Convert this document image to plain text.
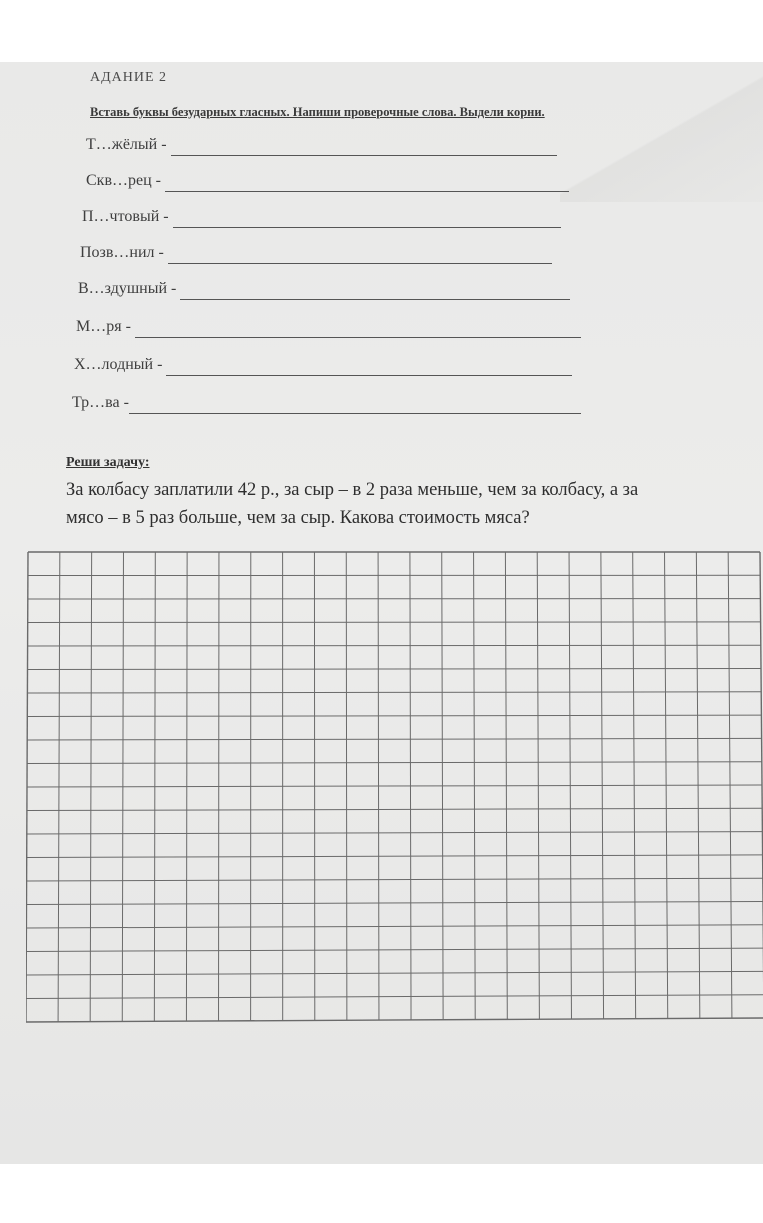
АДАНИЕ 2
Вставь буквы безударных гласных. Напиши проверочные слова. Выдели корни.
Т…жёлый -
Скв…рец -
П…чтовый -
Позв…нил -
В…здушный -
М…ря -
Х…лодный -
Тр…ва -
Реши задачу:
За колбасу заплатили 42 р., за сыр – в 2 раза меньше, чем за колбасу, а за
мясо – в 5 раз больше, чем за сыр. Какова стоимость мяса?
